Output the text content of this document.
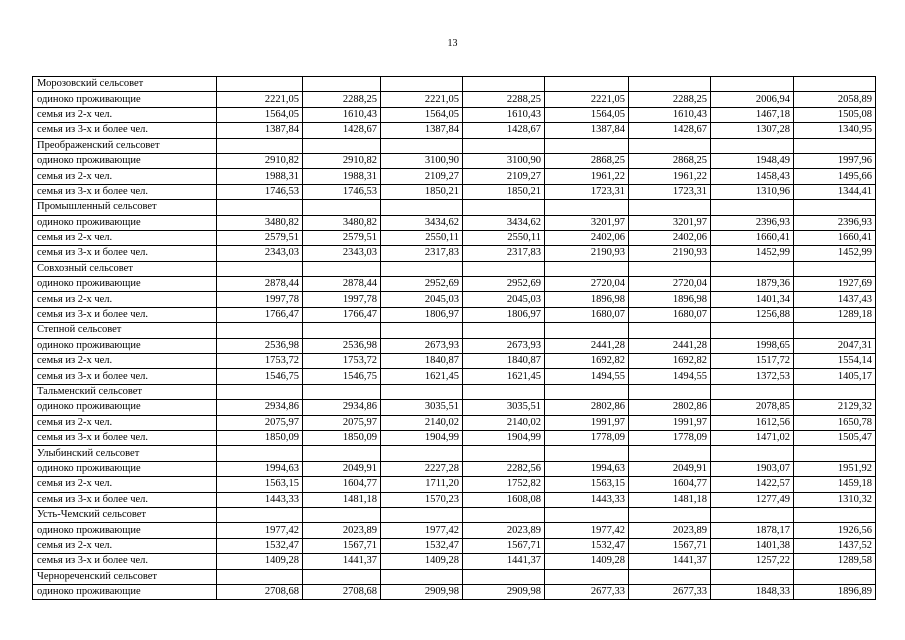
13
Морозовский сельсовет								
одиноко проживающие	2221,05	2288,25	2221,05	2288,25	2221,05	2288,25	2006,94	2058,89
семья из 2-х чел.	1564,05	1610,43	1564,05	1610,43	1564,05	1610,43	1467,18	1505,08
семья из 3-х и более чел.	1387,84	1428,67	1387,84	1428,67	1387,84	1428,67	1307,28	1340,95
Преображенский сельсовет								
одиноко проживающие	2910,82	2910,82	3100,90	3100,90	2868,25	2868,25	1948,49	1997,96
семья из 2-х чел.	1988,31	1988,31	2109,27	2109,27	1961,22	1961,22	1458,43	1495,66
семья из 3-х и более чел.	1746,53	1746,53	1850,21	1850,21	1723,31	1723,31	1310,96	1344,41
Промышленный сельсовет								
одиноко проживающие	3480,82	3480,82	3434,62	3434,62	3201,97	3201,97	2396,93	2396,93
семья из 2-х чел.	2579,51	2579,51	2550,11	2550,11	2402,06	2402,06	1660,41	1660,41
семья из 3-х и более чел.	2343,03	2343,03	2317,83	2317,83	2190,93	2190,93	1452,99	1452,99
Совхозный сельсовет								
одиноко проживающие	2878,44	2878,44	2952,69	2952,69	2720,04	2720,04	1879,36	1927,69
семья из 2-х чел.	1997,78	1997,78	2045,03	2045,03	1896,98	1896,98	1401,34	1437,43
семья из 3-х и более чел.	1766,47	1766,47	1806,97	1806,97	1680,07	1680,07	1256,88	1289,18
Степной сельсовет								
одиноко проживающие	2536,98	2536,98	2673,93	2673,93	2441,28	2441,28	1998,65	2047,31
семья из 2-х чел.	1753,72	1753,72	1840,87	1840,87	1692,82	1692,82	1517,72	1554,14
семья из 3-х и более чел.	1546,75	1546,75	1621,45	1621,45	1494,55	1494,55	1372,53	1405,17
Тальменский сельсовет								
одиноко проживающие	2934,86	2934,86	3035,51	3035,51	2802,86	2802,86	2078,85	2129,32
семья из 2-х чел.	2075,97	2075,97	2140,02	2140,02	1991,97	1991,97	1612,56	1650,78
семья из 3-х и более чел.	1850,09	1850,09	1904,99	1904,99	1778,09	1778,09	1471,02	1505,47
Улыбинский сельсовет								
одиноко проживающие	1994,63	2049,91	2227,28	2282,56	1994,63	2049,91	1903,07	1951,92
семья из 2-х чел.	1563,15	1604,77	1711,20	1752,82	1563,15	1604,77	1422,57	1459,18
семья из 3-х и более чел.	1443,33	1481,18	1570,23	1608,08	1443,33	1481,18	1277,49	1310,32
Усть-Чемский сельсовет								
одиноко проживающие	1977,42	2023,89	1977,42	2023,89	1977,42	2023,89	1878,17	1926,56
семья из 2-х чел.	1532,47	1567,71	1532,47	1567,71	1532,47	1567,71	1401,38	1437,52
семья из 3-х и более чел.	1409,28	1441,37	1409,28	1441,37	1409,28	1441,37	1257,22	1289,58
Чернореченский сельсовет								
одиноко проживающие	2708,68	2708,68	2909,98	2909,98	2677,33	2677,33	1848,33	1896,89
